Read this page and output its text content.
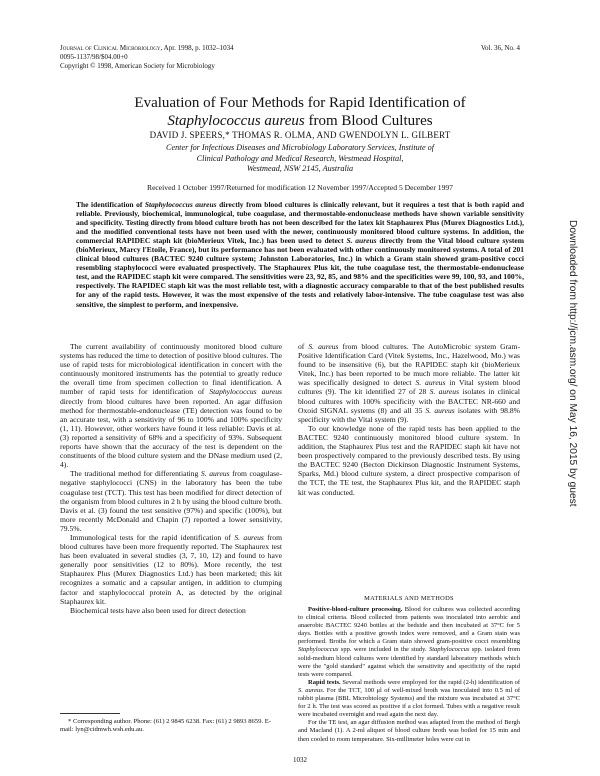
Journal of Clinical Microbiology, Apr. 1998, p. 1032–1034
0095-1137/98/$04.00+0
Copyright © 1998, American Society for Microbiology
Vol. 36, No. 4
Evaluation of Four Methods for Rapid Identification of
Staphylococcus aureus from Blood Cultures
DAVID J. SPEERS,* THOMAS R. OLMA, AND GWENDOLYN L. GILBERT
Center for Infectious Diseases and Microbiology Laboratory Services, Institute of
Clinical Pathology and Medical Research, Westmead Hospital,
Westmead, NSW 2145, Australia
Received 1 October 1997/Returned for modification 12 November 1997/Accepted 5 December 1997
The identification of Staphylococcus aureus directly from blood cultures is clinically relevant, but it requires a test that is both rapid and reliable. Previously, biochemical, immunological, tube coagulase, and thermostable-endonuclease methods have shown variable sensitivity and specificity. Testing directly from blood culture broth has not been described for the latex kit Staphaurex Plus (Murex Diagnostics Ltd.), and the modified conventional tests have not been used with the newer, continuously monitored blood culture systems. In addition, the commercial RAPIDEC staph kit (bioMerieux Vitek, Inc.) has been used to detect S. aureus directly from the Vital blood culture system (bioMerieux, Marcy l'Etoile, France), but its performance has not been evaluated with other continuously monitored systems. A total of 201 clinical blood cultures (BACTEC 9240 culture system; Johnston Laboratories, Inc.) in which a Gram stain showed gram-positive cocci resembling staphylococci were evaluated prospectively. The Staphaurex Plus kit, the tube coagulase test, the thermostable-endonuclease test, and the RAPIDEC staph kit were compared. The sensitivities were 23, 92, 85, and 98% and the specificities were 99, 100, 93, and 100%, respectively. The RAPIDEC staph kit was the most reliable test, with a diagnostic accuracy comparable to that of the best published results for any of the rapid tests. However, it was the most expensive of the tests and relatively labor-intensive. The tube coagulase test was also sensitive, the simplest to perform, and inexpensive.

The current availability of continuously monitored blood culture systems has reduced the time to detection of positive blood cultures. The use of rapid tests for microbiological identification in concert with the continuously monitored instruments has the potential to greatly reduce the overall time from specimen collection to final identification. A number of rapid tests for identification of Staphylococcus aureus directly from blood cultures have been reported. An agar diffusion method for thermostable-endonuclease (TE) detection was found to be an accurate test, with a sensitivity of 96 to 100% and 100% specificity (1, 11). However, other workers have found it less reliable: Davis et al. (3) reported a sensitivity of 68% and a specificity of 93%. Subsequent reports have shown that the accuracy of the test is dependent on the constituents of the blood culture system and the DNase medium used (2, 4).

The traditional method for differentiating S. aureus from coagulase-negative staphylococci (CNS) in the laboratory has been the tube coagulase test (TCT). This test has been modified for direct detection of the organism from blood cultures in 2 h by using the blood culture broth. Davis et al. (3) found the test sensitive (97%) and specific (100%), but more recently McDonald and Chapin (7) reported a lower sensitivity, 79.5%.

Immunological tests for the rapid identification of S. aureus from blood cultures have been more frequently reported. The Staphaurex test has been evaluated in several studies (3, 7, 10, 12) and found to have generally poor sensitivities (12 to 80%). More recently, the test Staphaurex Plus (Murex Diagnostics Ltd.) has been marketed; this kit recognizes a somatic and a capsular antigen, in addition to clumping factor and staphylococcal protein A, as detected by the original Staphaurex kit.

Biochemical tests have also been used for direct detection

of S. aureus from blood cultures. The AutoMicrobic system Gram-Positive Identification Card (Vitek Systems, Inc., Hazelwood, Mo.) was found to be insensitive (6), but the RAPIDEC staph kit (bioMerieux Vitek, Inc.) has been reported to be much more reliable. The latter kit was specifically designed to detect S. aureus in Vital system blood cultures (9). The kit identified 27 of 28 S. aureus isolates in clinical blood cultures with 100% specificity with the BACTEC NR-660 and Oxoid SIGNAL systems (8) and all 35 S. aureus isolates with 98.8% specificity with the Vital system (9).

To our knowledge none of the rapid tests has been applied to the BACTEC 9240 continuously monitored blood culture system. In addition, the Staphaurex Plus test and the RAPIDEC staph kit have not been prospectively compared to the previously described tests. By using the BACTEC 9240 (Becton Dickinson Diagnostic Instrument Systems, Sparks, Md.) blood culture system, a direct prospective comparison of the TCT, the TE test, the Staphaurex Plus kit, and the RAPIDEC staph kit was conducted.

MATERIALS AND METHODS

Positive-blood-culture processing. Blood for cultures was collected according to clinical criteria. Blood collected from patients was inoculated into aerobic and anaerobic BACTEC 9240 bottles at the bedside and then incubated at 37°C for 5 days. Bottles with a positive growth index were removed, and a Gram stain was performed. Broths for which a Gram stain showed gram-positive cocci resembling Staphylococcus spp. were included in the study. Staphylococcus spp. isolated from solid-medium blood cultures were identified by standard laboratory methods which were the "gold standard" against which the sensitivity and specificity of the rapid tests were compared.

Rapid tests. Several methods were employed for the rapid (2-h) identification of S. aureus. For the TCT, 100 μl of well-mixed broth was inoculated into 0.5 ml of rabbit plasma (BBL Microbiology Systems) and the mixture was incubated at 37°C for 2 h. The test was scored as positive if a clot formed. Tubes with a negative result were incubated overnight and read again the next day.

For the TE test, an agar diffusion method was adapted from the method of Bergh and Macland (1). A 2-ml aliquot of blood culture broth was boiled for 15 min and then cooled to room temperature. Six-millimeter holes were cut in

* Corresponding author. Phone: (61) 2 9845 6238. Fax: (61) 2 9893 8659. E-mail: lyn@cidmwh.wsh.edu.au.
1032
Downloaded from http://jcm.asm.org/ on May 16, 2015 by guest
